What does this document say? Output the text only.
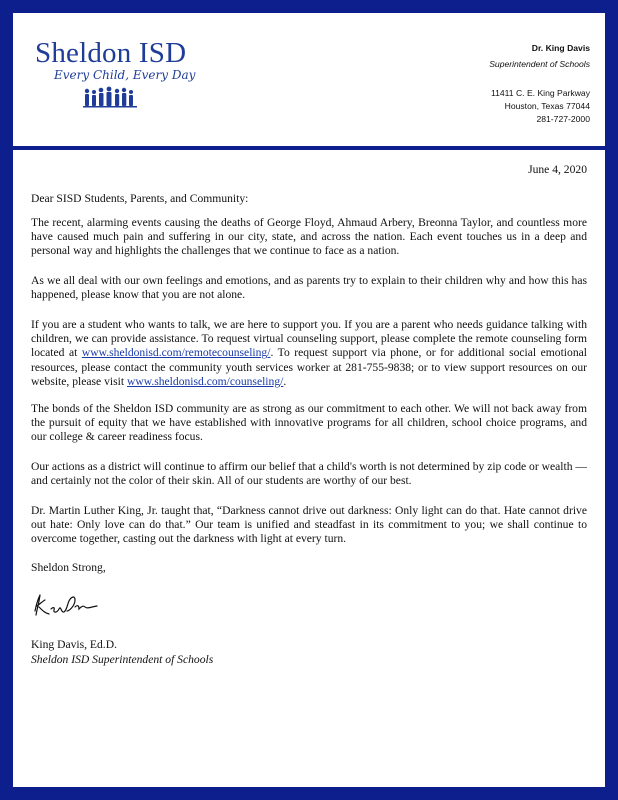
Sheldon ISD
Every Child, Every Day
Dr. King Davis
Superintendent of Schools
11411 C. E. King Parkway
Houston, Texas 77044
281-727-2000
June 4, 2020
Dear SISD Students, Parents, and Community:
The recent, alarming events causing the deaths of George Floyd, Ahmaud Arbery, Breonna Taylor, and countless more have caused much pain and suffering in our city, state, and across the nation. Each event touches us in a deep and personal way and highlights the challenges that we continue to face as a nation.
As we all deal with our own feelings and emotions, and as parents try to explain to their children why and how this has happened, please know that you are not alone.
If you are a student who wants to talk, we are here to support you. If you are a parent who needs guidance talking with children, we can provide assistance. To request virtual counseling support, please complete the remote counseling form located at www.sheldonisd.com/remotecounseling/. To request support via phone, or for additional social emotional resources, please contact the community youth services worker at 281-755-9838; or to view support resources on our website, please visit www.sheldonisd.com/counseling/.
The bonds of the Sheldon ISD community are as strong as our commitment to each other. We will not back away from the pursuit of equity that we have established with innovative programs for all children, school choice programs, and our college & career readiness focus.
Our actions as a district will continue to affirm our belief that a child's worth is not determined by zip code or wealth — and certainly not the color of their skin. All of our students are worthy of our best.
Dr. Martin Luther King, Jr. taught that, “Darkness cannot drive out darkness: Only light can do that. Hate cannot drive out hate: Only love can do that.” Our team is unified and steadfast in its commitment to you; we shall continue to overcome together, casting out the darkness with light at every turn.
Sheldon Strong,
King Davis, Ed.D.
Sheldon ISD Superintendent of Schools
